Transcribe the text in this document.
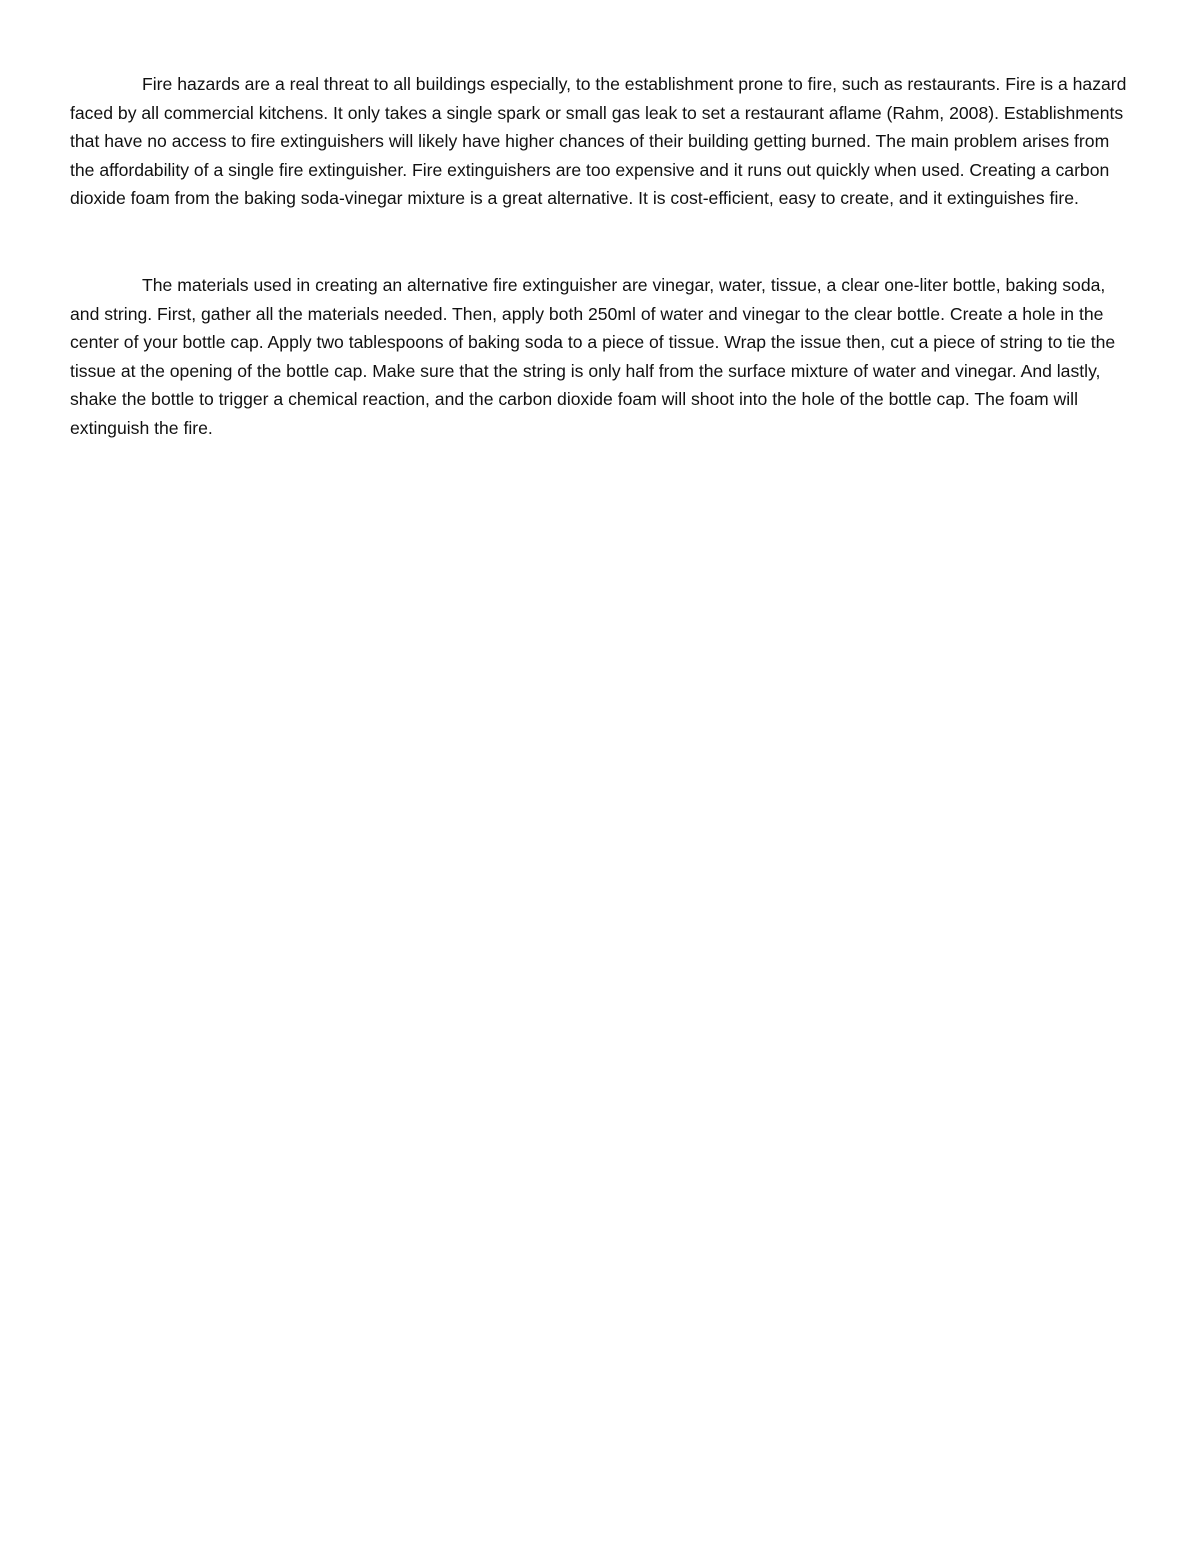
Fire hazards are a real threat to all buildings especially, to the establishment prone to fire, such as restaurants. Fire is a hazard faced by all commercial kitchens. It only takes a single spark or small gas leak to set a restaurant aflame (Rahm, 2008). Establishments that have no access to fire extinguishers will likely have higher chances of their building getting burned. The main problem arises from the affordability of a single fire extinguisher. Fire extinguishers are too expensive and it runs out quickly when used. Creating a carbon dioxide foam from the baking soda-vinegar mixture is a great alternative. It is cost-efficient, easy to create, and it extinguishes fire.

The materials used in creating an alternative fire extinguisher are vinegar, water, tissue, a clear one-liter bottle, baking soda, and string. First, gather all the materials needed. Then, apply both 250ml of water and vinegar to the clear bottle. Create a hole in the center of your bottle cap. Apply two tablespoons of baking soda to a piece of tissue. Wrap the issue then, cut a piece of string to tie the tissue at the opening of the bottle cap. Make sure that the string is only half from the surface mixture of water and vinegar. And lastly, shake the bottle to trigger a chemical reaction, and the carbon dioxide foam will shoot into the hole of the bottle cap. The foam will extinguish the fire.
